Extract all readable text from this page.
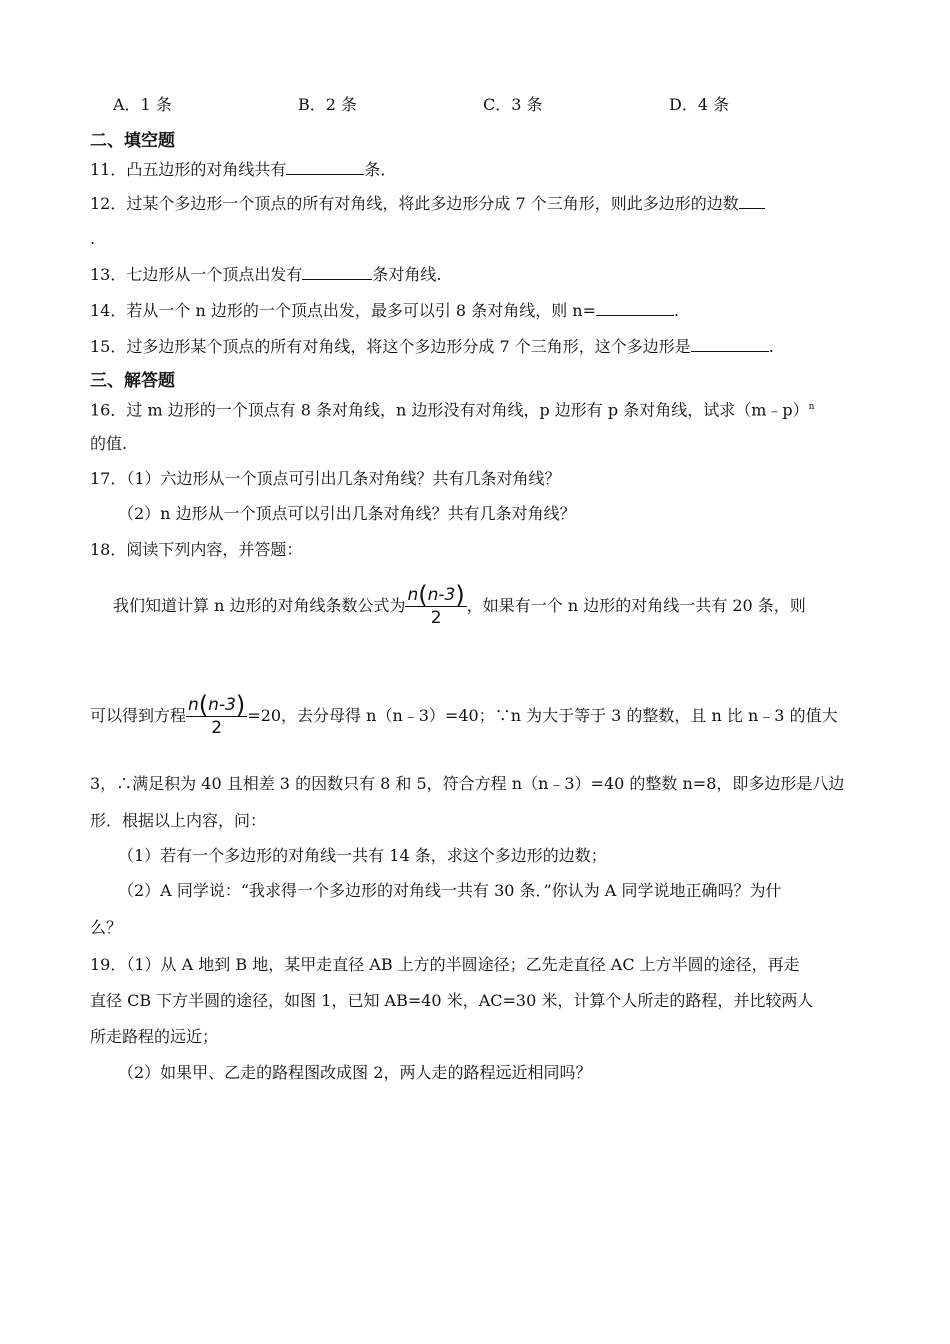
A．1 条	B．2 条	C．3 条	D．4 条
二、填空题
11．凸五边形的对角线共有	条．
12．过某个多边形一个顶点的所有对角线，将此多边形分成 7 个三角形，则此多边形的边数
.
13．七边形从一个顶点出发有	条对角线.
14．若从一个 n 边形的一个顶点出发，最多可以引 8 条对角线，则 n=	.
15．过多边形某个顶点的所有对角线，将这个多边形分成 7 个三角形，这个多边形是	.
三、解答题
16．过 m 边形的一个顶点有 8 条对角线，n 边形没有对角线，p 边形有 p 条对角线，试求（m﹣p）$^n$
的值.
17．（1）六边形从一个顶点可引出几条对角线？共有几条对角线？
（2）n 边形从一个顶点可以引出几条对角线？共有几条对角线？
18．阅读下列内容，并答题：
我们知道计算 n 边形的对角线条数公式为 $\frac{n(n-3)}{2}$ ，如果有一个 n 边形的对角线一共有 20 条，则
可以得到方程 $\frac{n(n-3)}{2} =20$，去分母得 n（n﹣3）=40；∵n 为大于等于 3 的整数，且 n 比 n﹣3 的值大
3，∴满足积为 40 且相差 3 的因数只有 8 和 5，符合方程 n（n﹣3）=40 的整数 n=8，即多边形是八边
形．根据以上内容，问：
（1）若有一个多边形的对角线一共有 14 条，求这个多边形的边数；
（2）A 同学说：“我求得一个多边形的对角线一共有 30 条．”你认为 A 同学说地正确吗？为什
么？
19．（1）从 A 地到 B 地，某甲走直径 AB 上方的半圆途径；乙先走直径 AC 上方半圆的途径，再走
直径 CB 下方半圆的途径，如图 1，已知 AB=40 米，AC=30 米，计算个人所走的路程，并比较两人
所走路程的远近；
（2）如果甲、乙走的路程图改成图 2，两人走的路程远近相同吗？
